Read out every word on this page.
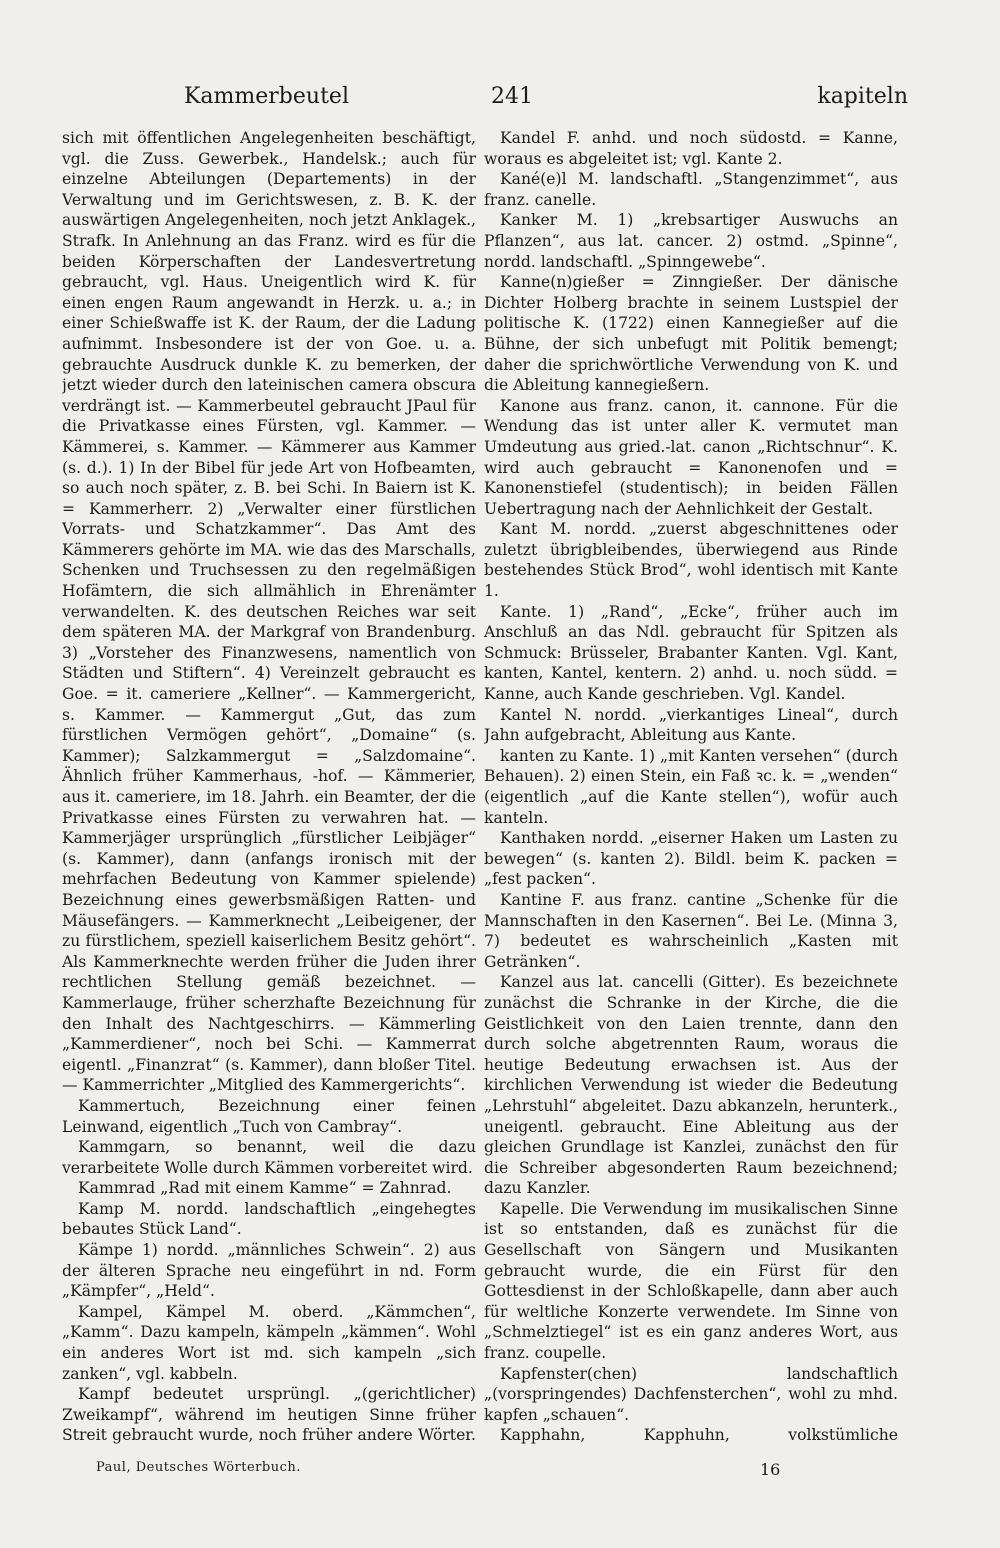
Kammerbeutel	241	kapiteln

sich mit öffentlichen Angelegenheiten beschäftigt, vgl. die Zuss. Gewerbek., Handelsk.; auch für einzelne Abteilungen (Departements) in der Verwaltung und im Gerichtswesen, z. B. K. der auswärtigen Angelegenheiten, noch jetzt Anklagek., Strafk. In Anlehnung an das Franz. wird es für die beiden Körperschaften der Landesvertretung gebraucht, vgl. Haus. Uneigentlich wird K. für einen engen Raum angewandt in Herzk. u. a.; in einer Schießwaffe ist K. der Raum, der die Ladung aufnimmt. Insbesondere ist der von Goe. u. a. gebrauchte Ausdruck dunkle K. zu bemerken, der jetzt wieder durch den lateinischen camera obscura verdrängt ist. — Kammerbeutel gebraucht JPaul für die Privatkasse eines Fürsten, vgl. Kammer. — Kämmerei, s. Kammer. — Kämmerer aus Kammer (s. d.). 1) In der Bibel für jede Art von Hofbeamten, so auch noch später, z. B. bei Schi. In Baiern ist K. = Kammerherr. 2) „Verwalter einer fürstlichen Vorrats- und Schatzkammer“. Das Amt des Kämmerers gehörte im MA. wie das des Marschalls, Schenken und Truchsessen zu den regelmäßigen Hofämtern, die sich allmählich in Ehrenämter verwandelten. K. des deutschen Reiches war seit dem späteren MA. der Markgraf von Brandenburg. 3) „Vorsteher des Finanzwesens, namentlich von Städten und Stiftern“. 4) Vereinzelt gebraucht es Goe. = it. cameriere „Kellner“. — Kammergericht, s. Kammer. — Kammergut „Gut, das zum fürstlichen Vermögen gehört“, „Domaine“ (s. Kammer); Salzkammergut = „Salzdomaine“. Ähnlich früher Kammerhaus, -hof. — Kämmerier, aus it. cameriere, im 18. Jahrh. ein Beamter, der die Privatkasse eines Fürsten zu verwahren hat. — Kammerjäger ursprünglich „fürstlicher Leibjäger“ (s. Kammer), dann (anfangs ironisch mit der mehrfachen Bedeutung von Kammer spielende) Bezeichnung eines gewerbsmäßigen Ratten- und Mäusefängers. — Kammerknecht „Leibeigener, der zu fürstlichem, speziell kaiserlichem Besitz gehört“. Als Kammerknechte werden früher die Juden ihrer rechtlichen Stellung gemäß bezeichnet. — Kammerlauge, früher scherzhafte Bezeichnung für den Inhalt des Nachtgeschirrs. — Kämmerling „Kammerdiener“, noch bei Schi. — Kammerrat eigentl. „Finanzrat“ (s. Kammer), dann bloßer Titel. — Kammerrichter „Mitglied des Kammergerichts“.

Kammertuch, Bezeichnung einer feinen Leinwand, eigentlich „Tuch von Cambray“.

Kammgarn, so benannt, weil die dazu verarbeitete Wolle durch Kämmen vorbereitet wird.

Kammrad „Rad mit einem Kamme“ = Zahnrad.

Kamp M. nordd. landschaftlich „eingehegtes bebautes Stück Land“.

Kämpe 1) nordd. „männliches Schwein“. 2) aus der älteren Sprache neu eingeführt in nd. Form „Kämpfer“, „Held“.

Kampel, Kämpel M. oberd. „Kämmchen“, „Kamm“. Dazu kampeln, kämpeln „kämmen“. Wohl ein anderes Wort ist md. sich kampeln „sich zanken“, vgl. kabbeln.

Kampf bedeutet ursprüngl. „(gerichtlicher) Zweikampf“, während im heutigen Sinne früher Streit gebraucht wurde, noch früher andere Wörter.

Kandel F. anhd. und noch südostd. = Kanne, woraus es abgeleitet ist; vgl. Kante 2.

Kané(e)l M. landschaftl. „Stangenzimmet“, aus franz. canelle.

Kanker M. 1) „krebsartiger Auswuchs an Pflanzen“, aus lat. cancer. 2) ostmd. „Spinne“, nordd. landschaftl. „Spinngewebe“.

Kanne(n)gießer = Zinngießer. Der dänische Dichter Holberg brachte in seinem Lustspiel der politische K. (1722) einen Kannegießer auf die Bühne, der sich unbefugt mit Politik bemengt; daher die sprichwörtliche Verwendung von K. und die Ableitung kannegießern.

Kanone aus franz. canon, it. cannone. Für die Wendung das ist unter aller K. vermutet man Umdeutung aus gried.-lat. canon „Richtschnur“. K. wird auch gebraucht = Kanonenofen und = Kanonenstiefel (studentisch); in beiden Fällen Uebertragung nach der Aehnlichkeit der Gestalt.

Kant M. nordd. „zuerst abgeschnittenes oder zuletzt übrigbleibendes, überwiegend aus Rinde bestehendes Stück Brod“, wohl identisch mit Kante 1.

Kante. 1) „Rand“, „Ecke“, früher auch im Anschluß an das Ndl. gebraucht für Spitzen als Schmuck: Brüsseler, Brabanter Kanten. Vgl. Kant, kanten, Kantel, kentern. 2) anhd. u. noch südd. = Kanne, auch Kande geschrieben. Vgl. Kandel.

Kantel N. nordd. „vierkantiges Lineal“, durch Jahn aufgebracht, Ableitung aus Kante.

kanten zu Kante. 1) „mit Kanten versehen“ (durch Behauen). 2) einen Stein, ein Faß ꝛc. k. = „wenden“ (eigentlich „auf die Kante stellen“), wofür auch kanteln.

Kanthaken nordd. „eiserner Haken um Lasten zu bewegen“ (s. kanten 2). Bildl. beim K. packen = „fest packen“.

Kantine F. aus franz. cantine „Schenke für die Mannschaften in den Kasernen“. Bei Le. (Minna 3, 7) bedeutet es wahrscheinlich „Kasten mit Getränken“.

Kanzel aus lat. cancelli (Gitter). Es bezeichnete zunächst die Schranke in der Kirche, die die Geistlichkeit von den Laien trennte, dann den durch solche abgetrennten Raum, woraus die heutige Bedeutung erwachsen ist. Aus der kirchlichen Verwendung ist wieder die Bedeutung „Lehrstuhl“ abgeleitet. Dazu abkanzeln, herunterk., uneigentl. gebraucht. Eine Ableitung aus der gleichen Grundlage ist Kanzlei, zunächst den für die Schreiber abgesonderten Raum bezeichnend; dazu Kanzler.

Kapelle. Die Verwendung im musikalischen Sinne ist so entstanden, daß es zunächst für die Gesellschaft von Sängern und Musikanten gebraucht wurde, die ein Fürst für den Gottesdienst in der Schloßkapelle, dann aber auch für weltliche Konzerte verwendete. Im Sinne von „Schmelztiegel“ ist es ein ganz anderes Wort, aus franz. coupelle.

Kapfenster(chen) landschaftlich „(vorspringendes) Dachfensterchen“, wohl zu mhd. kapfen „schauen“.

Kapphahn, Kapphuhn, volkstümliche

Paul, Deutsches Wörterbuch.	16
